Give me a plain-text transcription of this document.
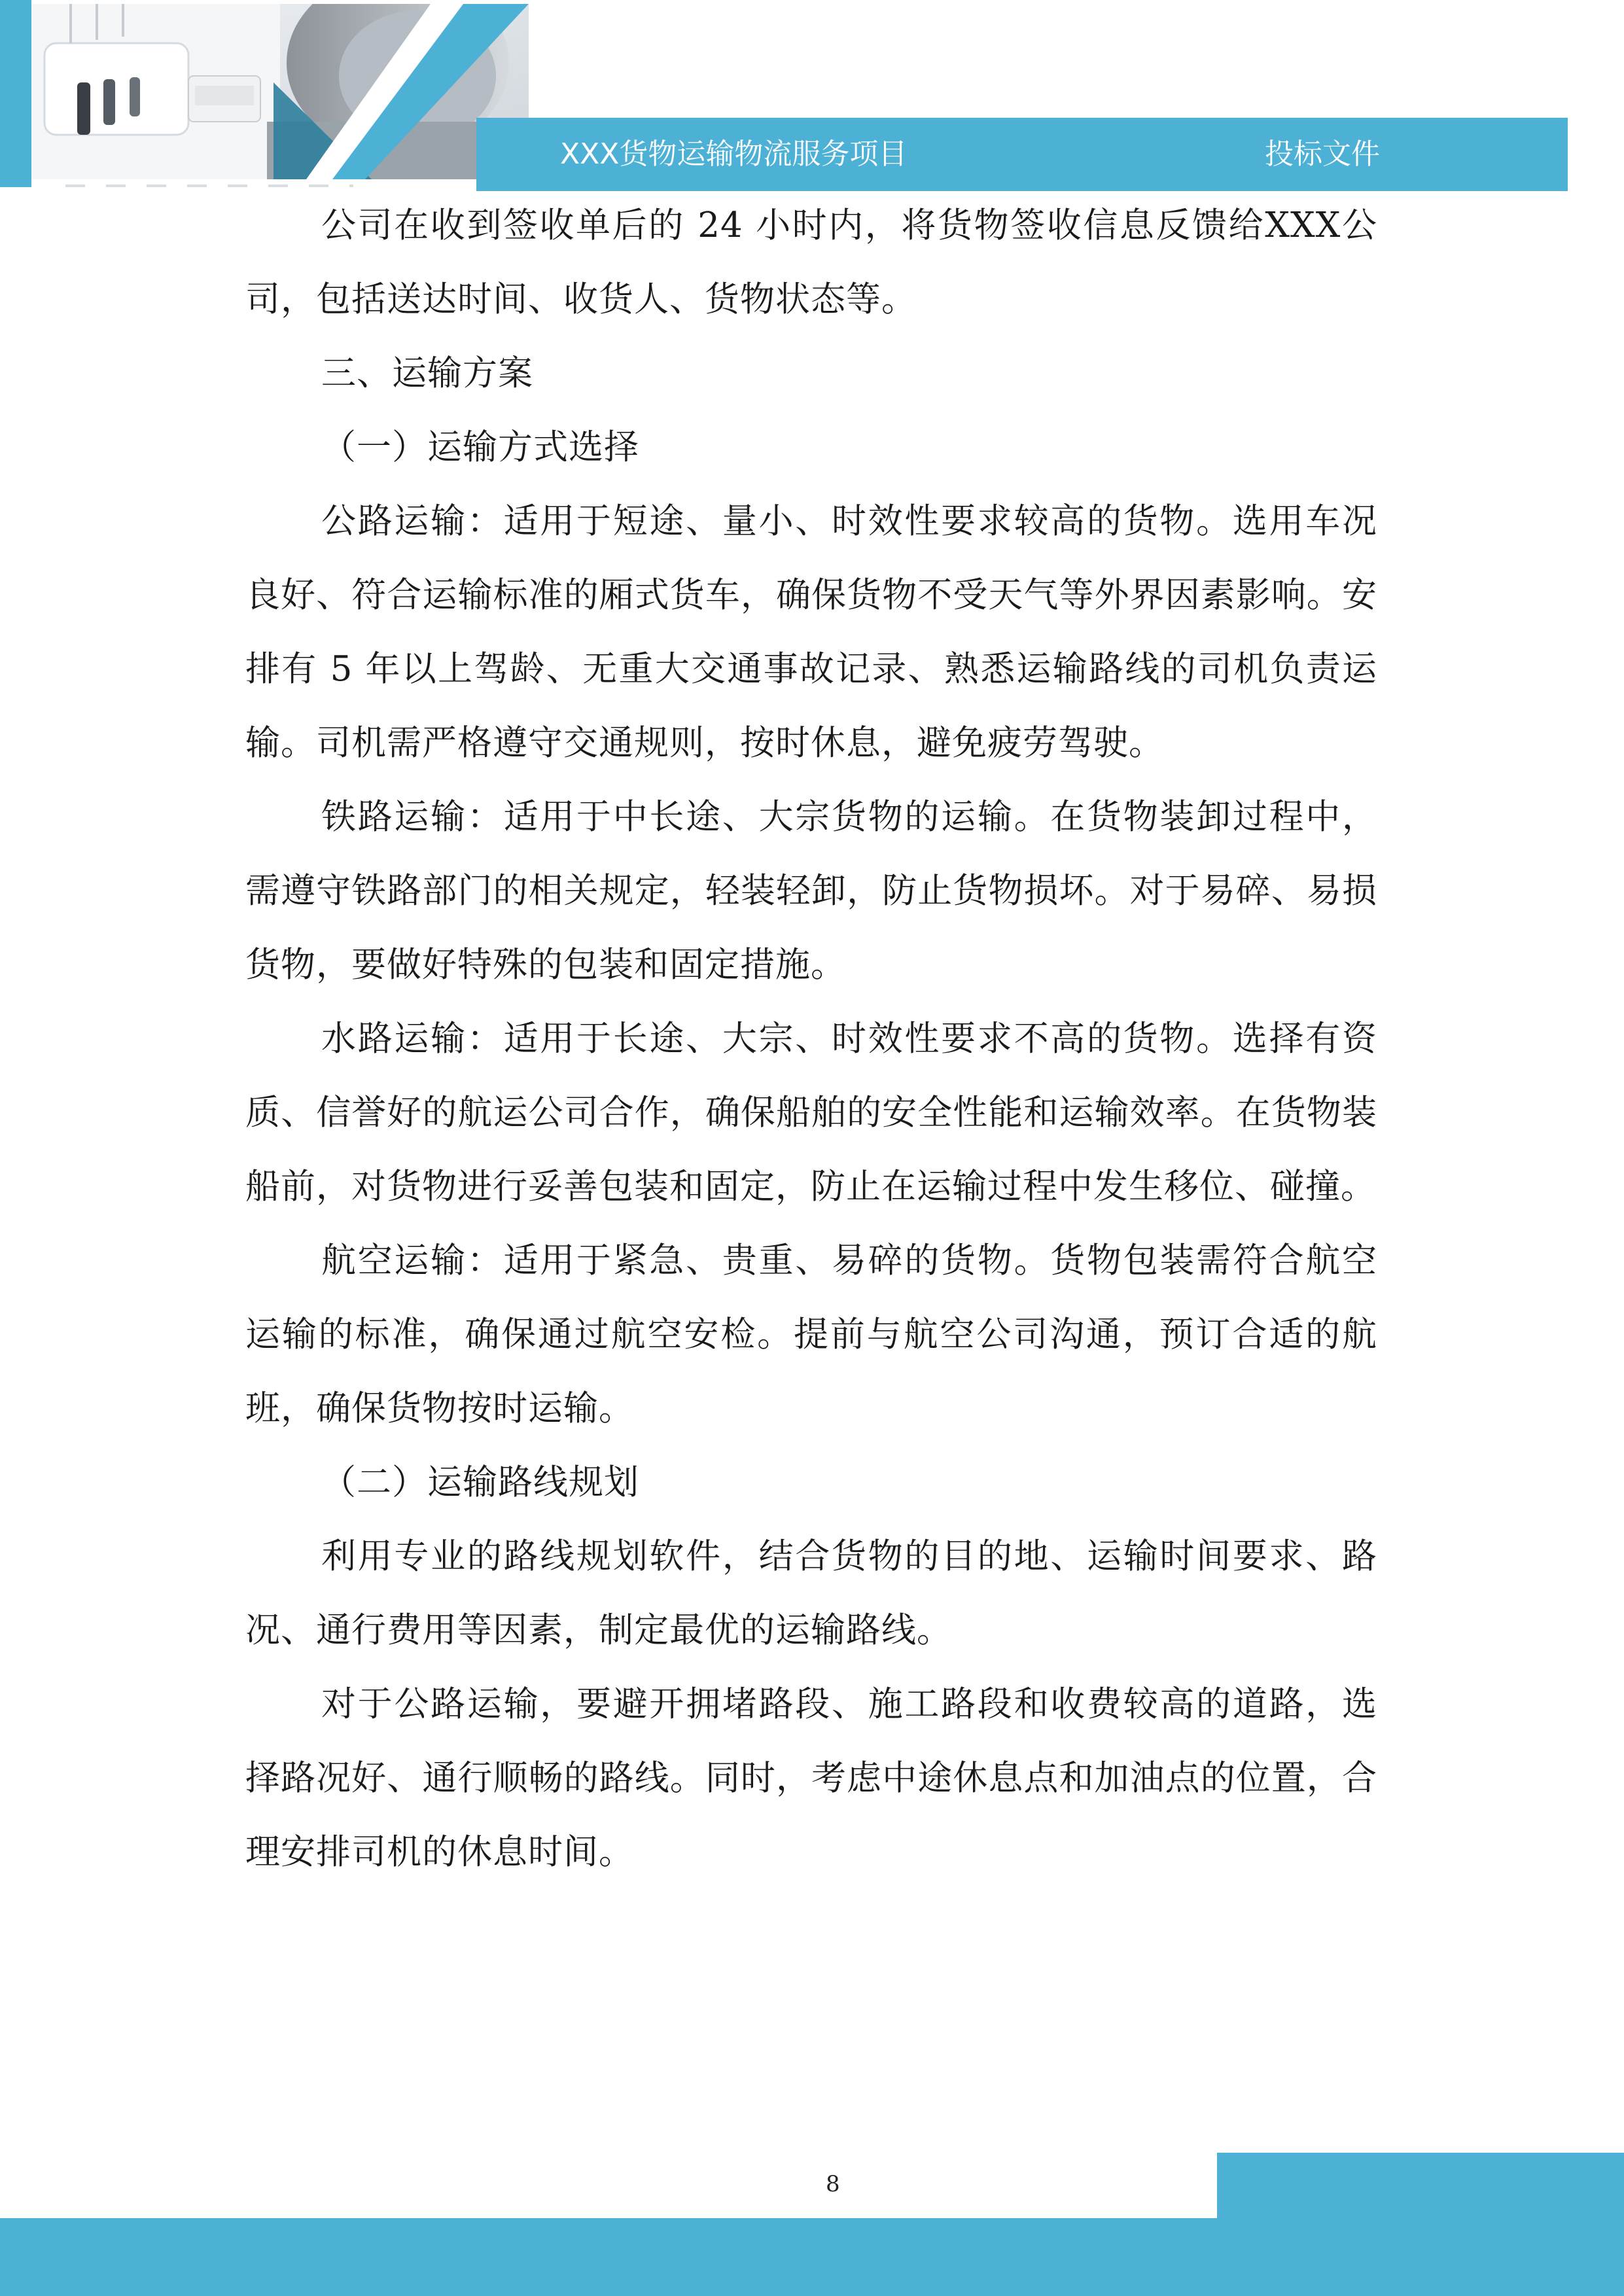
XXX货物运输物流服务项目	投标文件

公司在收到签收单后的 24 小时内，将货物签收信息反馈给XXX公司，包括送达时间、收货人、货物状态等。

三、运输方案

（一）运输方式选择

公路运输：适用于短途、量小、时效性要求较高的货物。选用车况良好、符合运输标准的厢式货车，确保货物不受天气等外界因素影响。安排有 5 年以上驾龄、无重大交通事故记录、熟悉运输路线的司机负责运输。司机需严格遵守交通规则，按时休息，避免疲劳驾驶。

铁路运输：适用于中长途、大宗货物的运输。在货物装卸过程中，需遵守铁路部门的相关规定，轻装轻卸，防止货物损坏。对于易碎、易损货物，要做好特殊的包装和固定措施。

水路运输：适用于长途、大宗、时效性要求不高的货物。选择有资质、信誉好的航运公司合作，确保船舶的安全性能和运输效率。在货物装船前，对货物进行妥善包装和固定，防止在运输过程中发生移位、碰撞。

航空运输：适用于紧急、贵重、易碎的货物。货物包装需符合航空运输的标准，确保通过航空安检。提前与航空公司沟通，预订合适的航班，确保货物按时运输。

（二）运输路线规划

利用专业的路线规划软件，结合货物的目的地、运输时间要求、路况、通行费用等因素，制定最优的运输路线。

对于公路运输，要避开拥堵路段、施工路段和收费较高的道路，选择路况好、通行顺畅的路线。同时，考虑中途休息点和加油点的位置，合理安排司机的休息时间。

8
